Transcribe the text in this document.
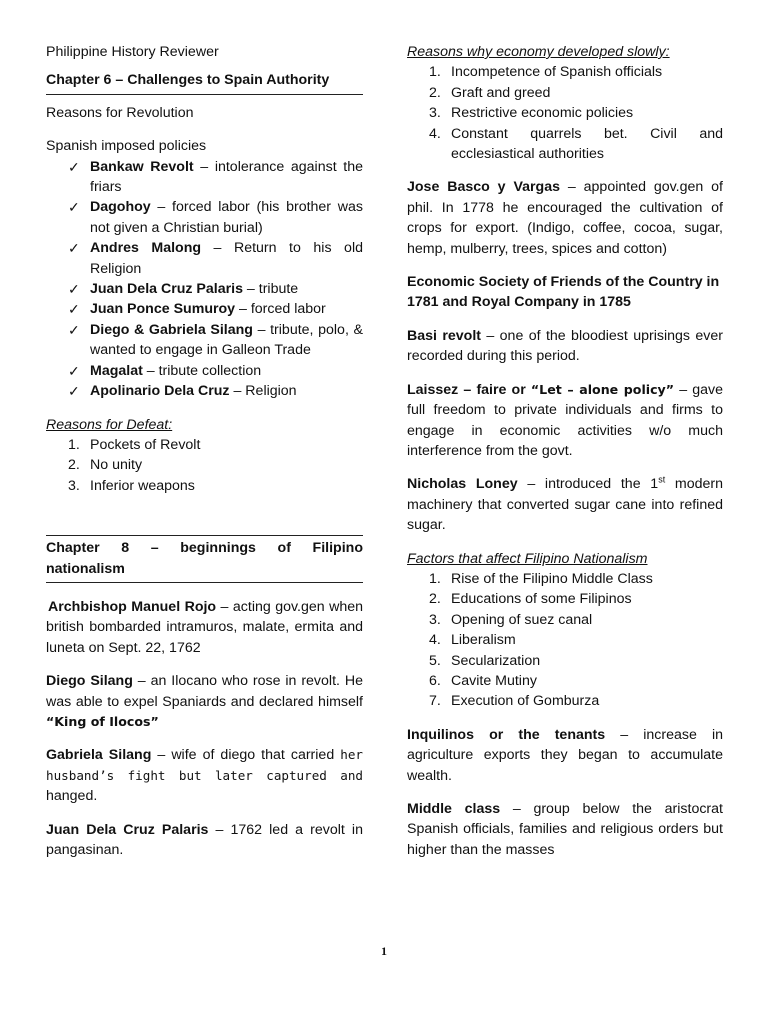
Philippine History Reviewer

Chapter 6 – Challenges to Spain Authority

Reasons for Revolution

Spanish imposed policies

✓ Bankaw Revolt – intolerance against the friars
✓ Dagohoy – forced labor (his brother was not given a Christian burial)
✓ Andres Malong – Return to his old Religion
✓ Juan Dela Cruz Palaris – tribute
✓ Juan Ponce Sumuroy – forced labor
✓ Diego & Gabriela Silang – tribute, polo, & wanted to engage in Galleon Trade
✓ Magalat – tribute collection
✓ Apolinario Dela Cruz – Religion

Reasons for Defeat:

1. Pockets of Revolt
2. No unity
3. Inferior weapons
Chapter 8 – beginnings of Filipino
nationalism

Archbishop Manuel Rojo – acting gov.gen when british bombarded intramuros, malate, ermita and luneta on Sept. 22, 1762

Diego Silang – an Ilocano who rose in revolt. He was able to expel Spaniards and declared himself “King of Ilocos”

Gabriela Silang – wife of diego that carried her husband’s fight but later captured and hanged.

Juan Dela Cruz Palaris – 1762 led a revolt in pangasinan.

Reasons why economy developed slowly:

1. Incompetence of Spanish officials
2. Graft and greed
3. Restrictive economic policies
4. Constant quarrels bet. Civil and ecclesiastical authorities

Jose Basco y Vargas – appointed gov.gen of phil. In 1778 he encouraged the cultivation of crops for export. (Indigo, coffee, cocoa, sugar, hemp, mulberry, trees, spices and cotton)

Economic Society of Friends of the Country in 1781 and Royal Company in 1785

Basi revolt – one of the bloodiest uprisings ever recorded during this period.

Laissez – faire or “Let – alone policy” – gave full freedom to private individuals and firms to engage in economic activities w/o much interference from the govt.

Nicholas Loney – introduced the 1st modern machinery that converted sugar cane into refined sugar.

Factors that affect Filipino Nationalism

1. Rise of the Filipino Middle Class
2. Educations of some Filipinos
3. Opening of suez canal
4. Liberalism
5. Secularization
6. Cavite Mutiny
7. Execution of Gomburza

Inquilinos or the tenants – increase in agriculture exports they began to accumulate wealth.

Middle class – group below the aristocrat Spanish officials, families and religious orders but higher than the masses

1
